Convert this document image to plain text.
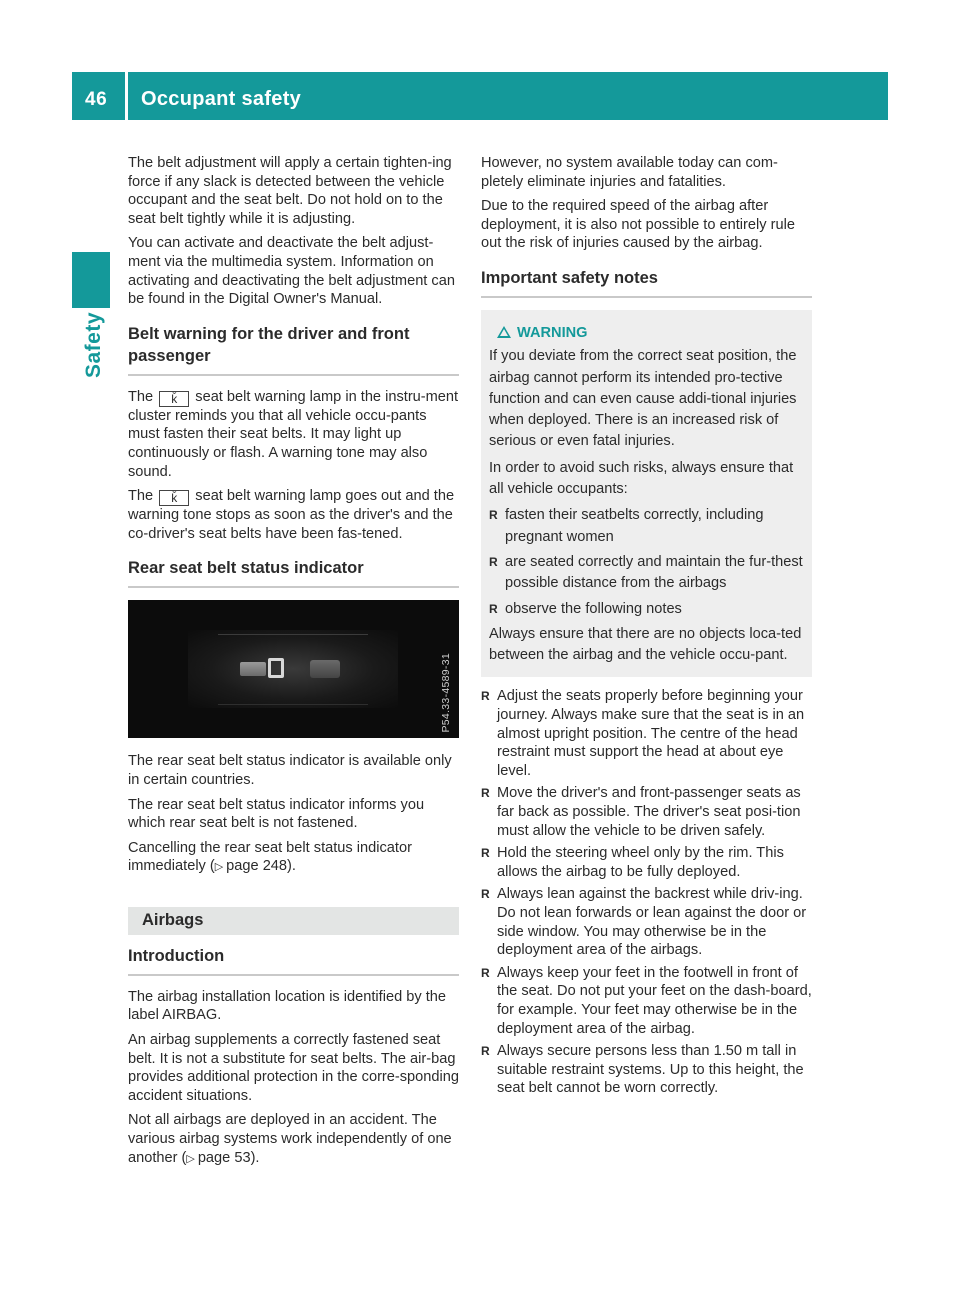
46 Occupant safety
Safety

The belt adjustment will apply a certain tighten-ing force if any slack is detected between the vehicle occupant and the seat belt. Do not hold on to the seat belt tightly while it is adjusting.

You can activate and deactivate the belt adjust-ment via the multimedia system. Information on activating and deactivating the belt adjustment can be found in the Digital Owner's Manual.

Belt warning for the driver and front passenger

The ǩ seat belt warning lamp in the instru-ment cluster reminds you that all vehicle occu-pants must fasten their seat belts. It may light up continuously or flash. A warning tone may also sound.

The ǩ seat belt warning lamp goes out and the warning tone stops as soon as the driver's and the co-driver's seat belts have been fas-tened.

Rear seat belt status indicator
P54.33-4589-31

The rear seat belt status indicator is available only in certain countries.

The rear seat belt status indicator informs you which rear seat belt is not fastened.

Cancelling the rear seat belt status indicator immediately (▷  page 248).

Airbags
Introduction

The airbag installation location is identified by the label AIRBAG.

An airbag supplements a correctly fastened seat belt. It is not a substitute for seat belts. The air-bag provides additional protection in the corre-sponding accident situations.

Not all airbags are deployed in an accident. The various airbag systems work independently of one another (▷  page 53).

However, no system available today can com-pletely eliminate injuries and fatalities.

Due to the required speed of the airbag after deployment, it is also not possible to entirely rule out the risk of injuries caused by the airbag.

Important safety notes
WARNING

If you deviate from the correct seat position, the airbag cannot perform its intended pro-tective function and can even cause addi-tional injuries when deployed. There is an increased risk of serious or even fatal injuries.

In order to avoid such risks, always ensure that all vehicle occupants:

R fasten their seatbelts correctly, including pregnant women
R are seated correctly and maintain the fur-thest possible distance from the airbags
R observe the following notes

Always ensure that there are no objects loca-ted between the airbag and the vehicle occu-pant.

R Adjust the seats properly before beginning your journey. Always make sure that the seat is in an almost upright position. The centre of the head restraint must support the head at about eye level.
R Move the driver's and front-passenger seats as far back as possible. The driver's seat posi-tion must allow the vehicle to be driven safely.
R Hold the steering wheel only by the rim. This allows the airbag to be fully deployed.
R Always lean against the backrest while driv-ing. Do not lean forwards or lean against the door or side window. You may otherwise be in the deployment area of the airbags.
R Always keep your feet in the footwell in front of the seat. Do not put your feet on the dash-board, for example. Your feet may otherwise be in the deployment area of the airbag.
R Always secure persons less than 1.50 m tall in suitable restraint systems. Up to this height, the seat belt cannot be worn correctly.
